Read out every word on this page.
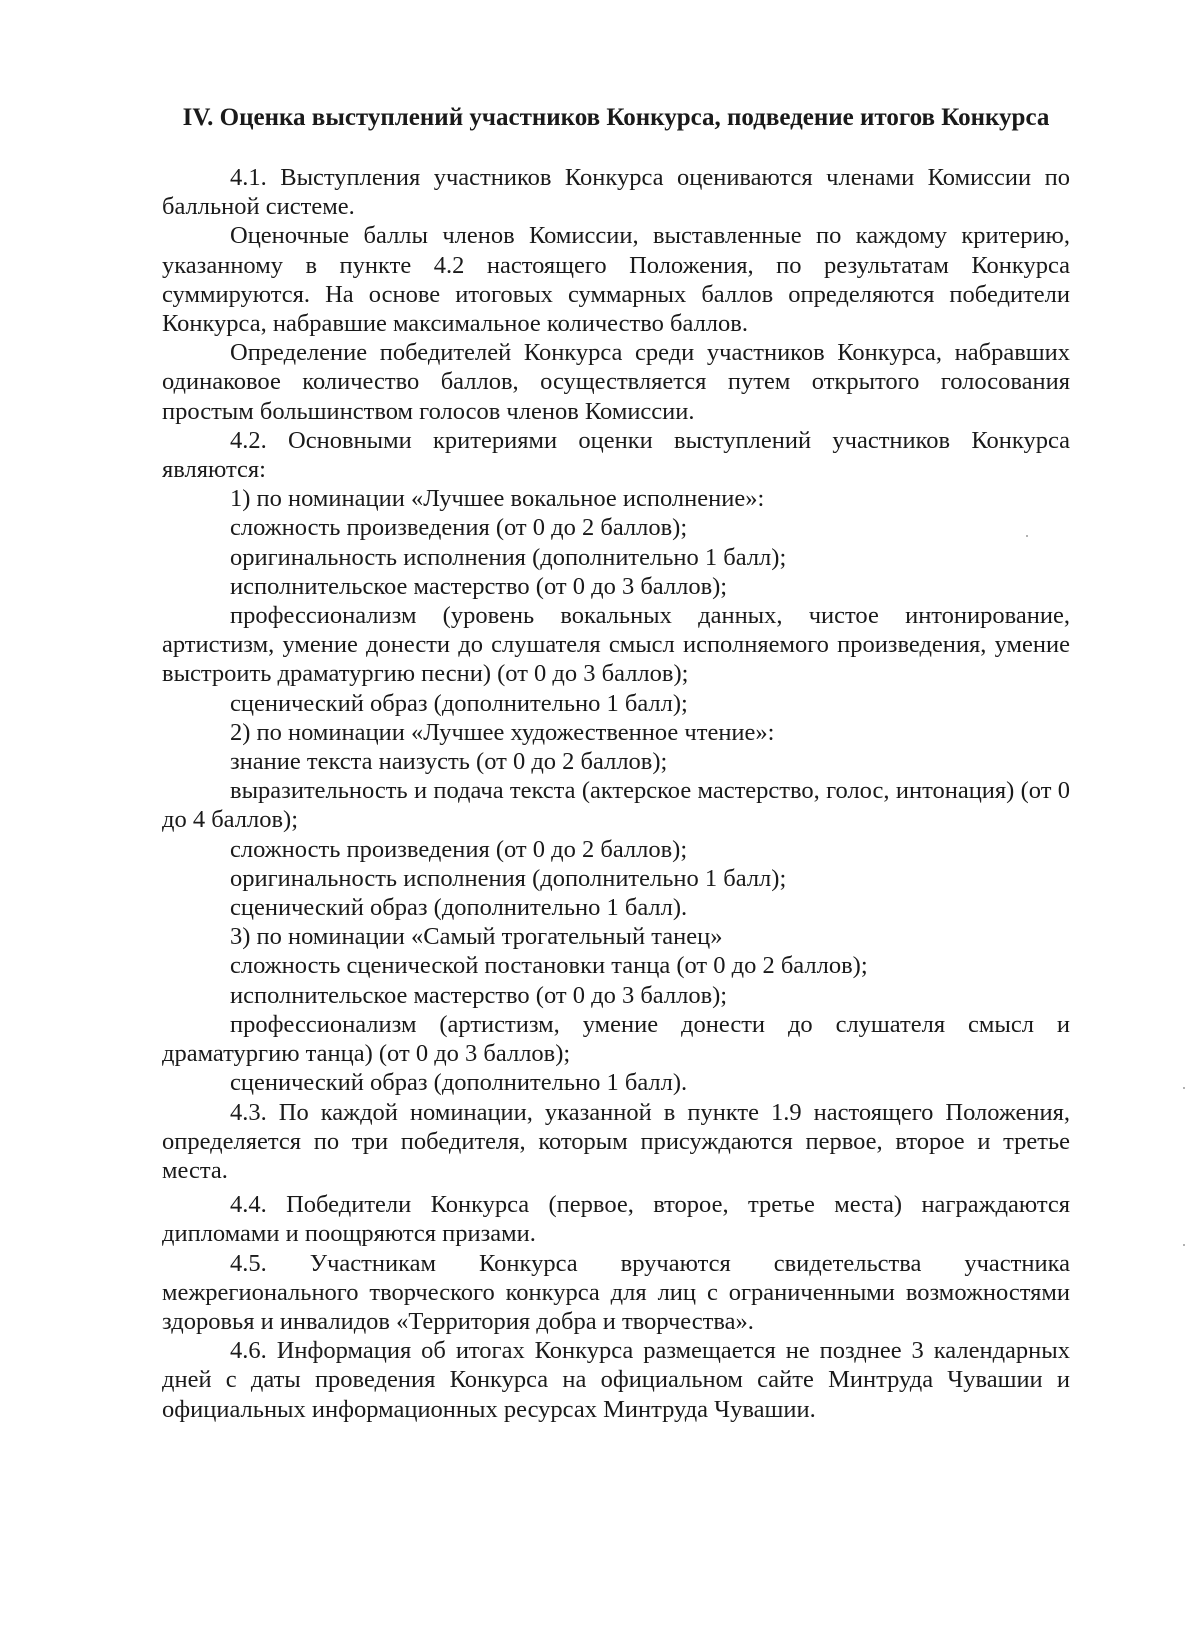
IV. Оценка выступлений участников Конкурса, подведение итогов Конкурса

4.1. Выступления участников Конкурса оцениваются членами Комиссии по балльной системе.

Оценочные баллы членов Комиссии, выставленные по каждому критерию, указанному в пункте 4.2 настоящего Положения, по результатам Конкурса суммируются. На основе итоговых суммарных баллов определяются победители Конкурса, набравшие максимальное количество баллов.

Определение победителей Конкурса среди участников Конкурса, набравших одинаковое количество баллов, осуществляется путем открытого голосования простым большинством голосов членов Комиссии.

4.2. Основными критериями оценки выступлений участников Конкурса являются:

1) по номинации «Лучшее вокальное исполнение»:

сложность произведения (от 0 до 2 баллов);

оригинальность исполнения (дополнительно 1 балл);

исполнительское мастерство (от 0 до 3 баллов);

профессионализм (уровень вокальных данных, чистое интонирование, артистизм, умение донести до слушателя смысл исполняемого произведения, умение выстроить драматургию песни) (от 0 до 3 баллов);

сценический образ (дополнительно 1 балл);

2) по номинации «Лучшее художественное чтение»:

знание текста наизусть (от 0 до 2 баллов);

выразительность и подача текста (актерское мастерство, голос, интонация) (от 0 до 4 баллов);

сложность произведения (от 0 до 2 баллов);

оригинальность исполнения (дополнительно 1 балл);

сценический образ (дополнительно 1 балл).

3) по номинации «Самый трогательный танец»

сложность сценической постановки танца (от 0 до 2 баллов);

исполнительское мастерство (от 0 до 3 баллов);

профессионализм (артистизм, умение донести до слушателя смысл и драматургию танца) (от 0 до 3 баллов);

сценический образ (дополнительно 1 балл).

4.3. По каждой номинации, указанной в пункте 1.9 настоящего Положения, определяется по три победителя, которым присуждаются первое, второе и третье места.

4.4. Победители Конкурса (первое, второе, третье места) награждаются дипломами и поощряются призами.

4.5. Участникам Конкурса вручаются свидетельства участника межрегионального творческого конкурса для лиц с ограниченными возможностями здоровья и инвалидов «Территория добра и творчества».

4.6. Информация об итогах Конкурса размещается не позднее 3 календарных дней с даты проведения Конкурса на официальном сайте Минтруда Чувашии и официальных информационных ресурсах Минтруда Чувашии.
